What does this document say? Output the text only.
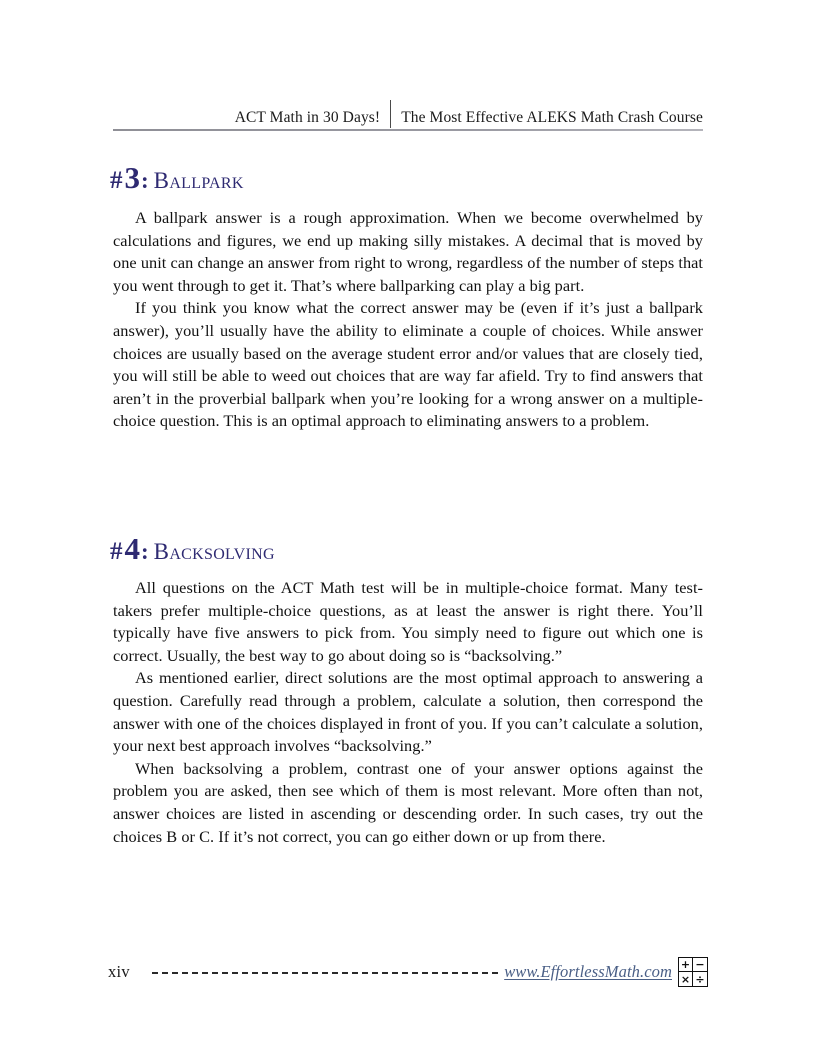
ACT Math in 30 Days!	The Most Effective ALEKS Math Crash Course
#3: Ballpark

A ballpark answer is a rough approximation. When we become overwhelmed by calculations and figures, we end up making silly mistakes. A decimal that is moved by one unit can change an answer from right to wrong, regardless of the number of steps that you went through to get it. That’s where ballparking can play a big part.

If you think you know what the correct answer may be (even if it’s just a ballpark answer), you’ll usually have the ability to eliminate a couple of choices. While answer choices are usually based on the average student error and/or values that are closely tied, you will still be able to weed out choices that are way far afield. Try to find answers that aren’t in the proverbial ballpark when you’re looking for a wrong answer on a multiple-choice question. This is an optimal approach to eliminating answers to a problem.

#4: Backsolving

All questions on the ACT Math test will be in multiple-choice format. Many test-takers prefer multiple-choice questions, as at least the answer is right there. You’ll typically have five answers to pick from. You simply need to figure out which one is correct. Usually, the best way to go about doing so is “backsolving.”

As mentioned earlier, direct solutions are the most optimal approach to answering a question. Carefully read through a problem, calculate a solution, then correspond the answer with one of the choices displayed in front of you. If you can’t calculate a solution, your next best approach involves “backsolving.”

When backsolving a problem, contrast one of your answer options against the problem you are asked, then see which of them is most relevant. More often than not, answer choices are listed in ascending or descending order. In such cases, try out the choices B or C. If it’s not correct, you can go either down or up from there.

xiv	www.EffortlessMath.com + −
× ÷
